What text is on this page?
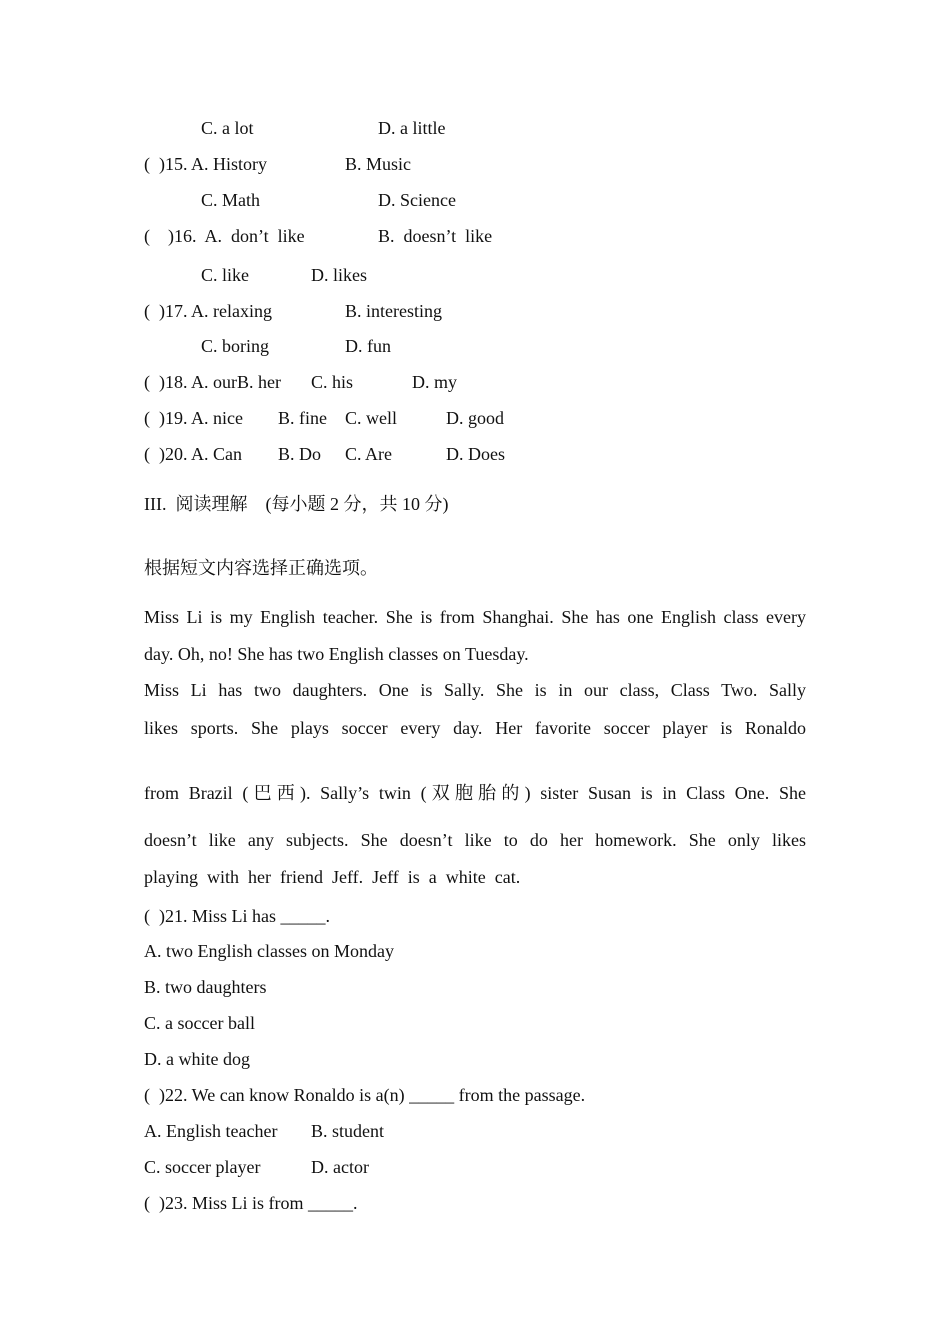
C. a lot	D. a little
(  )15. A. History	B. Music
C. Math	D. Science
(    )16.  A.  don’t  like	B.  doesn’t  like
C. like	D. likes
(  )17. A. relaxing	B. interesting
C. boring	D. fun
(  )18. A. ourB. her C. his	D. my
(  )19. A. nice B. fine C. well	D. good
(  )20. A. Can B. Do C. Are	D. Does
III.  阅读理解    (每小题 2 分，共 10 分)
根据短文内容选择正确选项。
Miss Li is my English teacher. She is from Shanghai. She has one English class every
day. Oh, no! She has two English classes on Tuesday.
Miss Li has two daughters. One is Sally. She is in our class, Class Two. Sally
likes sports. She plays soccer every day. Her favorite soccer player is Ronaldo
from Brazil (巴西). Sally’s twin (双胞胎的) sister Susan is in Class One. She
doesn’t like any subjects. She doesn’t like to do her homework. She only likes
playing  with  her  friend  Jeff.  Jeff  is  a  white  cat.
(  )21. Miss Li has _____.
A. two English classes on Monday
B. two daughters
C. a soccer ball
D. a white dog
(  )22. We can know Ronaldo is a(n) _____ from the passage.
A. English teacher B. student
C. soccer player	D. actor
(  )23. Miss Li is from _____.
